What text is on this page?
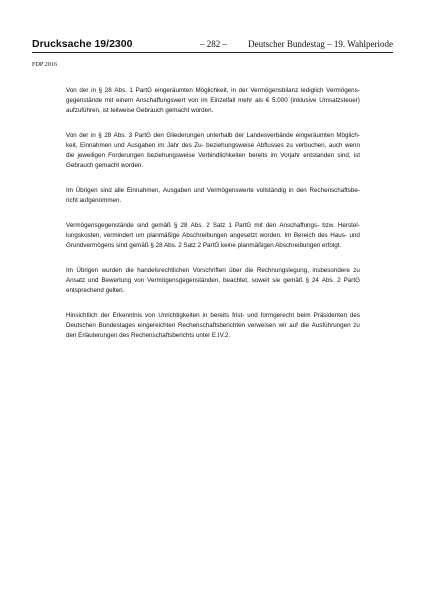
Drucksache 19/2300	– 282 – Deutscher Bundestag – 19. Wahlperiode
FDP 2016
Von der in § 28 Abs. 1 PartG eingeräumten Möglichkeit, in der Vermögensbilanz lediglich Vermögens-
gegenstände mit einem Anschaffungswert von im Einzelfall mehr als € 5.000 (inklusive Umsatzsteuer)
aufzuführen, ist teilweise Gebrauch gemacht worden.
Von der in § 28 Abs. 3 PartG den Gliederungen unterhalb der Landesverbände eingeräumten Möglich-
keit, Einnahmen und Ausgaben im Jahr des Zu- beziehungsweise Abflusses zu verbuchen, auch wenn
die jeweiligen Forderungen beziehungsweise Verbindlichkeiten bereits im Vorjahr entstanden sind, ist
Gebrauch gemacht worden.
Im Übrigen sind alle Einnahmen, Ausgaben und Vermögenswerte vollständig in den Rechenschaftsbe-
richt aufgenommen.
Vermögensgegenstände sind gemäß § 28 Abs. 2 Satz 1 PartG mit den Anschaffungs- bzw. Herstel-
lungskosten, vermindert um planmäßige Abschreibungen angesetzt worden. Im Bereich des Haus- und
Grundvermögens sind gemäß § 28 Abs. 2 Satz 2 PartG keine planmäßigen Abschreibungen erfolgt.
Im Übrigen wurden die handelsrechtlichen Vorschriften über die Rechnungslegung, insbesondere zu
Ansatz und Bewertung von Vermögensgegenständen, beachtet, soweit sie gemäß § 24 Abs. 2 PartG
entsprechend gelten.
Hinsichtlich der Erkenntnis von Unrichtigkeiten in bereits frist- und formgerecht beim Präsidenten des
Deutschen Bundestages eingereichten Rechenschaftsberichten verweisen wir auf die Ausführungen zu
den Erläuterungen des Rechenschaftsberichts unter E.IV.2.
